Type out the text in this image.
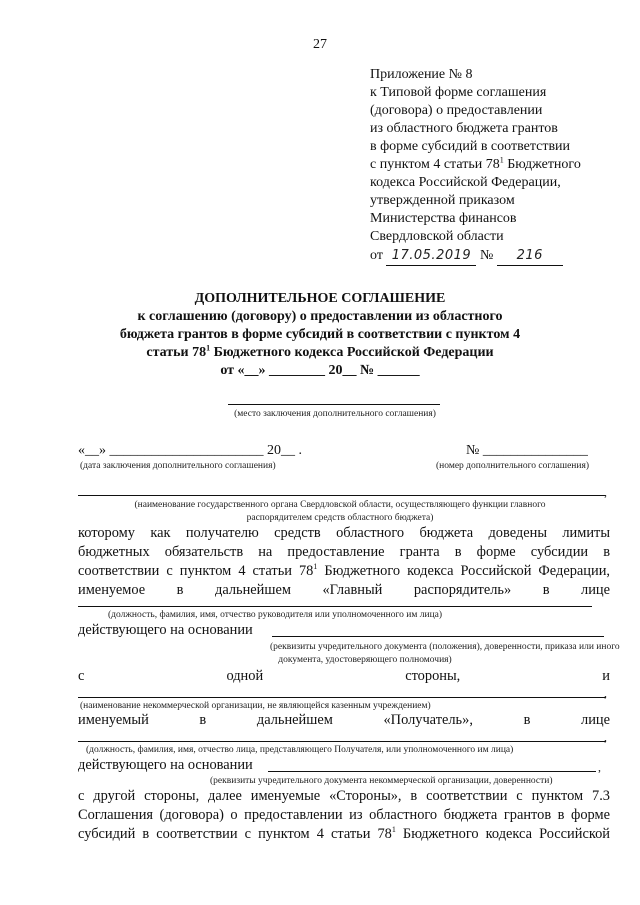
27
Приложение № 8
к Типовой форме соглашения
(договора) о предоставлении
из областного бюджета грантов
в форме субсидий в соответствии
с пунктом 4 статьи $78^1$ Бюджетного
кодекса Российской Федерации,
утвержденной приказом
Министерства финансов
Свердловской области
от 17.05.2019 № 216
ДОПОЛНИТЕЛЬНОЕ СОГЛАШЕНИЕ
к соглашению (договору) о предоставлении из областного
бюджета грантов в форме субсидий в соответствии с пунктом 4
статьи $78^1$ Бюджетного кодекса Российской Федерации
от «__» ________ 20__ № ______
(место заключения дополнительного соглашения)
«__» ______________________ 20__ .	№ _______________
(дата заключения дополнительного соглашения)	(номер дополнительного соглашения)
,
(наименование государственного органа Свердловской области, осуществляющего функции главного
распорядителем средств областного бюджета)
которому как получателю средств областного бюджета доведены лимиты
бюджетных обязательств на предоставление гранта в форме субсидии в
соответствии с пунктом 4 статьи $78^1$ Бюджетного кодекса Российской Федерации,
именуемое в дальнейшем «Главный распорядитель» в лице
(должность, фамилия, имя, отчество руководителя или уполномоченного им лица)
действующего на основании
(реквизиты учредительного документа (положения), доверенности, приказа или иного
документа, удостоверяющего полномочия)
с одной стороны, и
,
(наименование некоммерческой организации, не являющейся казенным учреждением)
именуемый в дальнейшем «Получатель», в лице
,
(должность, фамилия, имя, отчество лица, представляющего Получателя, или уполномоченного им лица)
действующего на основании	,
(реквизиты учредительного документа некоммерческой организации, доверенности)
с другой стороны, далее именуемые «Стороны», в соответствии с пунктом 7.3
Соглашения (договора) о предоставлении из областного бюджета грантов в форме
субсидий в соответствии с пунктом 4 статьи $78^1$ Бюджетного кодекса Российской
